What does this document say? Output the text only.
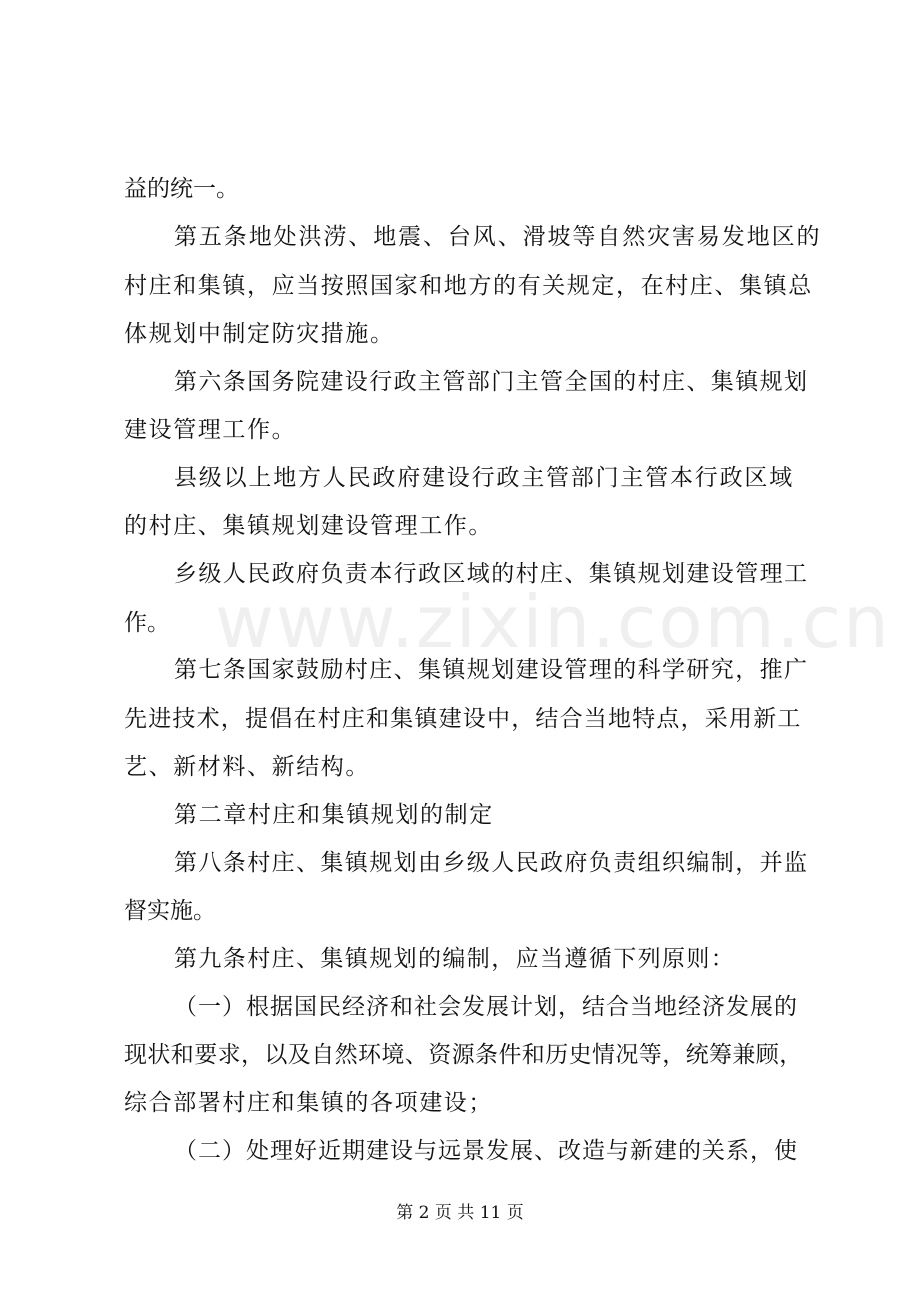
www.zixin.com.cn
益的统一。
第五条地处洪涝、地震、台风、滑坡等自然灾害易发地区的
村庄和集镇，应当按照国家和地方的有关规定，在村庄、集镇总
体规划中制定防灾措施。
第六条国务院建设行政主管部门主管全国的村庄、集镇规划
建设管理工作。
县级以上地方人民政府建设行政主管部门主管本行政区域
的村庄、集镇规划建设管理工作。
乡级人民政府负责本行政区域的村庄、集镇规划建设管理工
作。
第七条国家鼓励村庄、集镇规划建设管理的科学研究，推广
先进技术，提倡在村庄和集镇建设中，结合当地特点，采用新工
艺、新材料、新结构。
第二章村庄和集镇规划的制定
第八条村庄、集镇规划由乡级人民政府负责组织编制，并监
督实施。
第九条村庄、集镇规划的编制，应当遵循下列原则：
（一）根据国民经济和社会发展计划，结合当地经济发展的
现状和要求，以及自然环境、资源条件和历史情况等，统筹兼顾，
综合部署村庄和集镇的各项建设；
（二）处理好近期建设与远景发展、改造与新建的关系，使
第 2 页 共 11 页
